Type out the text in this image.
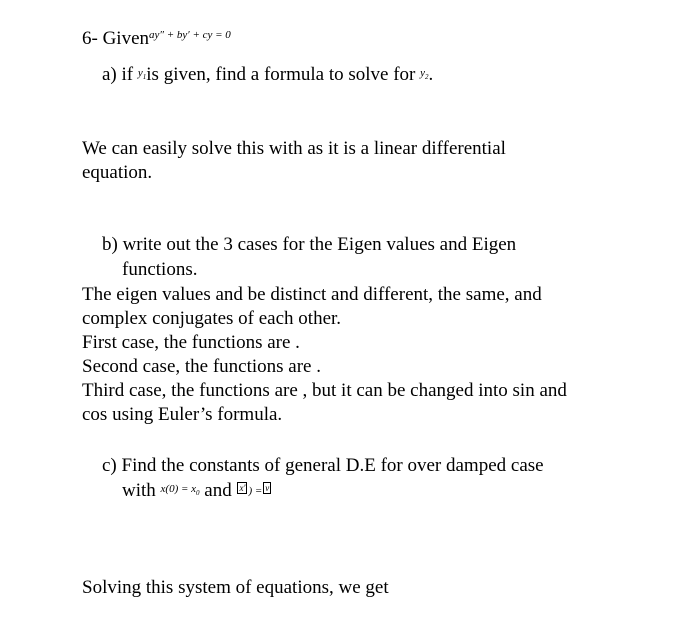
6- Given$^{ay'' + by' + cy = 0}$
a) if $^{y_1}$is given, find a formula to solve for $^{y_2}$.
We can easily solve this with as it is a linear differential
equation.
b) write out the 3 cases for the Eigen values and Eigen
functions.
The eigen values and be distinct and different, the same, and
complex conjugates of each other.
First case, the functions are .
Second case, the functions are .
Third case, the functions are , but it can be changed into sin and
cos using Euler’s formula.
c) Find the constants of general D.E for over damped case
with $^{x(0) = x_0}$ and x′ ) = v
Solving this system of equations, we get
